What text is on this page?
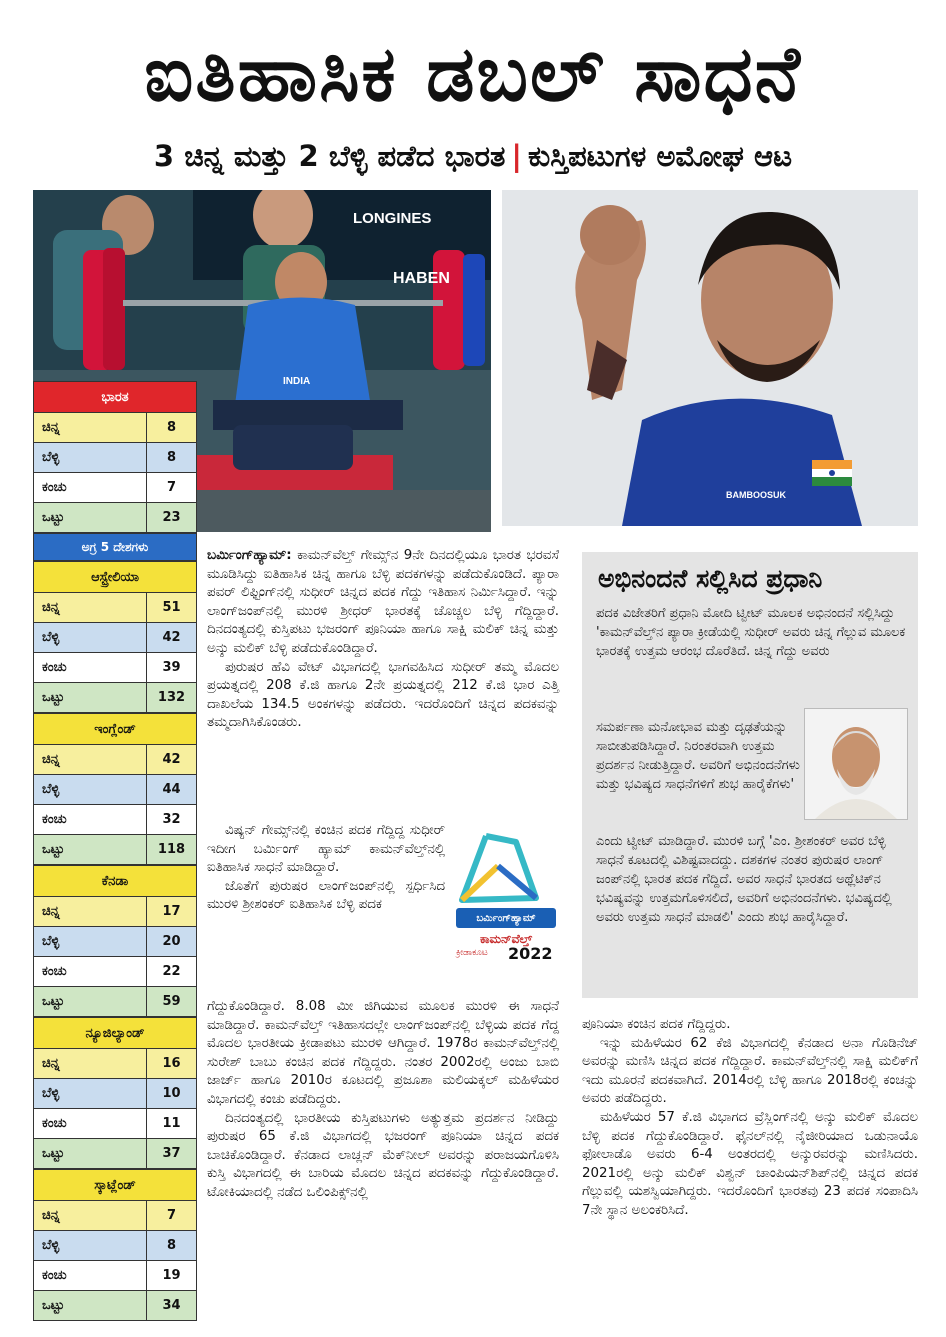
ಐತಿಹಾಸಿಕ ಡಬಲ್ ಸಾಧನೆ
3 ಚಿನ್ನ ಮತ್ತು 2 ಬೆಳ್ಳಿ ಪಡೆದ ಭಾರತ | ಕುಸ್ತಿಪಟುಗಳ ಅಮೋಘ ಆಟ
LONGINES
HABEN
INDIA
BAMBOOSUK
ಭಾರತ
ಚಿನ್ನ	8
ಬೆಳ್ಳಿ	8
ಕಂಚು	7
ಒಟ್ಟು	23
ಅಗ್ರ 5 ದೇಶಗಳು
ಆಸ್ಟ್ರೇಲಿಯಾ
ಚಿನ್ನ	51
ಬೆಳ್ಳಿ	42
ಕಂಚು	39
ಒಟ್ಟು	132
ಇಂಗ್ಲೆಂಡ್
ಚಿನ್ನ	42
ಬೆಳ್ಳಿ	44
ಕಂಚು	32
ಒಟ್ಟು	118
ಕೆನಡಾ
ಚಿನ್ನ	17
ಬೆಳ್ಳಿ	20
ಕಂಚು	22
ಒಟ್ಟು	59
ನ್ಯೂಜಿಲ್ಯಾಂಡ್
ಚಿನ್ನ	16
ಬೆಳ್ಳಿ	10
ಕಂಚು	11
ಒಟ್ಟು	37
ಸ್ಕಾಟ್ಲೆಂಡ್
ಚಿನ್ನ	7
ಬೆಳ್ಳಿ	8
ಕಂಚು	19
ಒಟ್ಟು	34

ಬರ್ಮಿಂಗ್‌ಹ್ಯಾಮ್: ಕಾಮನ್‌ವೆಲ್ತ್ ಗೇಮ್ಸ್‌ನ 9ನೇ ದಿನದಲ್ಲಿಯೂ ಭಾರತ ಭರವಸೆ ಮೂಡಿಸಿದ್ದು ಐತಿಹಾಸಿಕ ಚಿನ್ನ ಹಾಗೂ ಬೆಳ್ಳಿ ಪದಕಗಳನ್ನು ಪಡೆದುಕೊಂಡಿದೆ. ಪ್ಯಾರಾ ಪವರ್ ಲಿಫ್ಟಿಂಗ್‌ನಲ್ಲಿ ಸುಧೀರ್ ಚಿನ್ನದ ಪದಕ ಗೆದ್ದು ಇತಿಹಾಸ ನಿರ್ಮಿಸಿದ್ದಾರೆ. ಇನ್ನು ಲಾಂಗ್‌ಜಂಪ್‌ನಲ್ಲಿ ಮುರಳಿ ಶ್ರೀಧರ್ ಭಾರತಕ್ಕೆ ಚೊಚ್ಚಲ ಬೆಳ್ಳಿ ಗೆದ್ದಿದ್ದಾರೆ. ದಿನದಂತ್ಯದಲ್ಲಿ ಕುಸ್ತಿಪಟು ಭಜರಂಗ್ ಪೂನಿಯಾ ಹಾಗೂ ಸಾಕ್ಷಿ ಮಲಿಕ್ ಚಿನ್ನ ಮತ್ತು ಅನ್ಶು ಮಲಿಕ್ ಬೆಳ್ಳಿ ಪಡೆದುಕೊಂಡಿದ್ದಾರೆ.

ಪುರುಷರ ಹೆವಿ ವೇಟ್ ವಿಭಾಗದಲ್ಲಿ ಭಾಗವಹಿಸಿದ ಸುಧೀರ್ ತಮ್ಮ ಮೊದಲ ಪ್ರಯತ್ನದಲ್ಲಿ 208 ಕೆ.ಜಿ ಹಾಗೂ 2ನೇ ಪ್ರಯತ್ನದಲ್ಲಿ 212 ಕೆ.ಜಿ ಭಾರ ಎತ್ತಿ ದಾಖಲೆಯ 134.5 ಅಂಕಗಳನ್ನು ಪಡೆದರು. ಇದರೊಂದಿಗೆ ಚಿನ್ನದ ಪದಕವನ್ನು ತಮ್ಮದಾಗಿಸಿಕೊಂಡರು.

ವಿಷ್ಯನ್ ಗೇಮ್ಸ್‌ನಲ್ಲಿ ಕಂಚಿನ ಪದಕ ಗೆದ್ದಿದ್ದ ಸುಧೀರ್ ಇದೀಗ ಬರ್ಮಿಂಗ್ ಹ್ಯಾಮ್ ಕಾಮನ್‌ವೆಲ್ತ್‌ನಲ್ಲಿ ಐತಿಹಾಸಿಕ ಸಾಧನೆ ಮಾಡಿದ್ದಾರೆ.

ಜೊತೆಗೆ ಪುರುಷರ ಲಾಂಗ್‌ಜಂಪ್‌ನಲ್ಲಿ ಸ್ಪರ್ಧಿಸಿದ ಮುರಳಿ ಶ್ರೀಶಂಕರ್ ಐತಿಹಾಸಿಕ ಬೆಳ್ಳಿ ಪದಕ

ಗೆದ್ದುಕೊಂಡಿದ್ದಾರೆ. 8.08 ಮೀ ಜಿಗಿಯುವ ಮೂಲಕ ಮುರಳಿ ಈ ಸಾಧನೆ ಮಾಡಿದ್ದಾರೆ. ಕಾಮನ್‌ವೆಲ್ತ್ ಇತಿಹಾಸದಲ್ಲೇ ಲಾಂಗ್‌ಜಂಪ್‌ನಲ್ಲಿ ಬೆಳ್ಳಿಯ ಪದಕ ಗೆದ್ದ ಮೊದಲ ಭಾರತೀಯ ಕ್ರೀಡಾಪಟು ಮುರಳಿ ಆಗಿದ್ದಾರೆ. 1978ರ ಕಾಮನ್‌ವೆಲ್ತ್‌ನಲ್ಲಿ ಸುರೇಶ್ ಬಾಬು ಕಂಚಿನ ಪದಕ ಗೆದ್ದಿದ್ದರು. ನಂತರ 2002ರಲ್ಲಿ ಅಂಜು ಬಾಬಿ ಜಾರ್ಜ್ ಹಾಗೂ 2010ರ ಕೂಟದಲ್ಲಿ ಪ್ರಜೂಶಾ ಮಲಿಯಕ್ಕಲ್ ಮಹಿಳೆಯರ ವಿಭಾಗದಲ್ಲಿ ಕಂಚು ಪಡೆದಿದ್ದರು.

ದಿನದಂತ್ಯದಲ್ಲಿ ಭಾರತೀಯ ಕುಸ್ತಿಪಟುಗಳು ಅತ್ಯುತ್ತಮ ಪ್ರದರ್ಶನ ನೀಡಿದ್ದು ಪುರುಷರ 65 ಕೆ.ಜಿ ವಿಭಾಗದಲ್ಲಿ ಭಜರಂಗ್ ಪೂನಿಯಾ ಚಿನ್ನದ ಪದಕ ಬಾಚಿಕೊಂಡಿದ್ದಾರೆ. ಕೆನಡಾದ ಲಾಚ್ಲನ್ ಮೆಕ್‌ನೀಲ್ ಅವರನ್ನು ಪರಾಜಯಗೊಳಿಸಿ ಕುಸ್ತಿ ವಿಭಾಗದಲ್ಲಿ ಈ ಬಾರಿಯ ಮೊದಲ ಚಿನ್ನದ ಪದಕವನ್ನು ಗೆದ್ದುಕೊಂಡಿದ್ದಾರೆ. ಟೋಕಿಯಾದಲ್ಲಿ ನಡೆದ ಒಲಿಂಪಿಕ್ಸ್‌ನಲ್ಲಿ

ಬರ್ಮಿಂಗ್‌ಹ್ಯಾಮ್
ಕಾಮನ್‌ವೆಲ್ತ್
ಕ್ರೀಡಾಕೂಟ	2022
ಅಭಿನಂದನೆ ಸಲ್ಲಿಸಿದ ಪ್ರಧಾನಿ
ಪದಕ ವಿಜೇತರಿಗೆ ಪ್ರಧಾನಿ ಮೋದಿ ಟ್ವೀಟ್ ಮೂಲಕ ಅಭಿನಂದನೆ ಸಲ್ಲಿಸಿದ್ದು 'ಕಾಮನ್‌ವೆಲ್ತ್‌ನ ಪ್ಯಾರಾ ಕ್ರೀಡೆಯಲ್ಲಿ ಸುಧೀರ್ ಅವರು ಚಿನ್ನ ಗೆಲ್ಲುವ ಮೂಲಕ ಭಾರತಕ್ಕೆ ಉತ್ತಮ ಆರಂಭ ದೊರೆತಿದೆ. ಚಿನ್ನ ಗೆದ್ದು ಅವರು
ಸಮರ್ಪಣಾ ಮನೋಭಾವ ಮತ್ತು ದೃಢತೆಯನ್ನು ಸಾಬೀತುಪಡಿಸಿದ್ದಾರೆ. ನಿರಂತರವಾಗಿ ಉತ್ತಮ ಪ್ರದರ್ಶನ ನೀಡುತ್ತಿದ್ದಾರೆ. ಅವರಿಗೆ ಅಭಿನಂದನೆಗಳು ಮತ್ತು ಭವಿಷ್ಯದ ಸಾಧನೆಗಳಿಗೆ ಶುಭ ಹಾರೈಕೆಗಳು'
ಎಂದು ಟ್ವೀಟ್ ಮಾಡಿದ್ದಾರೆ. ಮುರಳಿ ಬಗ್ಗೆ 'ಎಂ. ಶ್ರೀಶಂಕರ್ ಅವರ ಬೆಳ್ಳಿ ಸಾಧನೆ ಕೂಟದಲ್ಲಿ ವಿಶಿಷ್ಟವಾದದ್ದು. ದಶಕಗಳ ನಂತರ ಪುರುಷರ ಲಾಂಗ್ ಜಂಪ್‌ನಲ್ಲಿ ಭಾರತ ಪದಕ ಗೆದ್ದಿದೆ. ಅವರ ಸಾಧನೆ ಭಾರತದ ಅಥ್ಲೆಟಿಕ್‌ನ ಭವಿಷ್ಯವನ್ನು ಉತ್ತಮಗೊಳಿಸಲಿದೆ, ಅವರಿಗೆ ಅಭಿನಂದನೆಗಳು. ಭವಿಷ್ಯದಲ್ಲಿ ಅವರು ಉತ್ತಮ ಸಾಧನೆ ಮಾಡಲಿ' ಎಂದು ಶುಭ ಹಾರೈಸಿದ್ದಾರೆ.

ಪೂನಿಯಾ ಕಂಚಿನ ಪದಕ ಗೆದ್ದಿದ್ದರು.

ಇನ್ನು ಮಹಿಳೆಯರ 62 ಕೆಜಿ ವಿಭಾಗದಲ್ಲಿ ಕೆನಡಾದ ಅನಾ ಗೊಡಿನೆಜ್ ಅವರನ್ನು ಮಣಿಸಿ ಚಿನ್ನದ ಪದಕ ಗೆದ್ದಿದ್ದಾರೆ. ಕಾಮನ್‌ವೆಲ್ತ್‌ನಲ್ಲಿ ಸಾಕ್ಷಿ ಮಲಿಕ್‌ಗೆ ಇದು ಮೂರನೆ ಪದಕವಾಗಿದೆ. 2014ರಲ್ಲಿ ಬೆಳ್ಳಿ ಹಾಗೂ 2018ರಲ್ಲಿ ಕಂಚನ್ನು ಅವರು ಪಡೆದಿದ್ದರು.

ಮಹಿಳೆಯರ 57 ಕೆ.ಜಿ ವಿಭಾಗದ ವ್ರೆಸ್ಲಿಂಗ್‌ನಲ್ಲಿ ಅನ್ಶು ಮಲಿಕ್ ಮೊದಲ ಬೆಳ್ಳಿ ಪದಕ ಗೆದ್ದುಕೊಂಡಿದ್ದಾರೆ. ಫೈನಲ್‌ನಲ್ಲಿ ನೈಜೀರಿಯಾದ ಒಡುನಾಯೊ ಫೋಲಾಡೊ ಅವರು 6-4 ಅಂತರದಲ್ಲಿ ಅನ್ಶುರವರನ್ನು ಮಣಿಸಿದರು. 2021ರಲ್ಲಿ ಅನ್ಶು ಮಲಿಕ್ ವಿಶ್ವನ್ ಚಾಂಪಿಯನ್‌ಶಿಪ್‌ನಲ್ಲಿ ಚಿನ್ನದ ಪದಕ ಗೆಲ್ಲುವಲ್ಲಿ ಯಶಸ್ವಿಯಾಗಿದ್ದರು. ಇದರೊಂದಿಗೆ ಭಾರತವು 23 ಪದಕ ಸಂಪಾದಿಸಿ 7ನೇ ಸ್ಥಾನ ಅಲಂಕರಿಸಿದೆ.
